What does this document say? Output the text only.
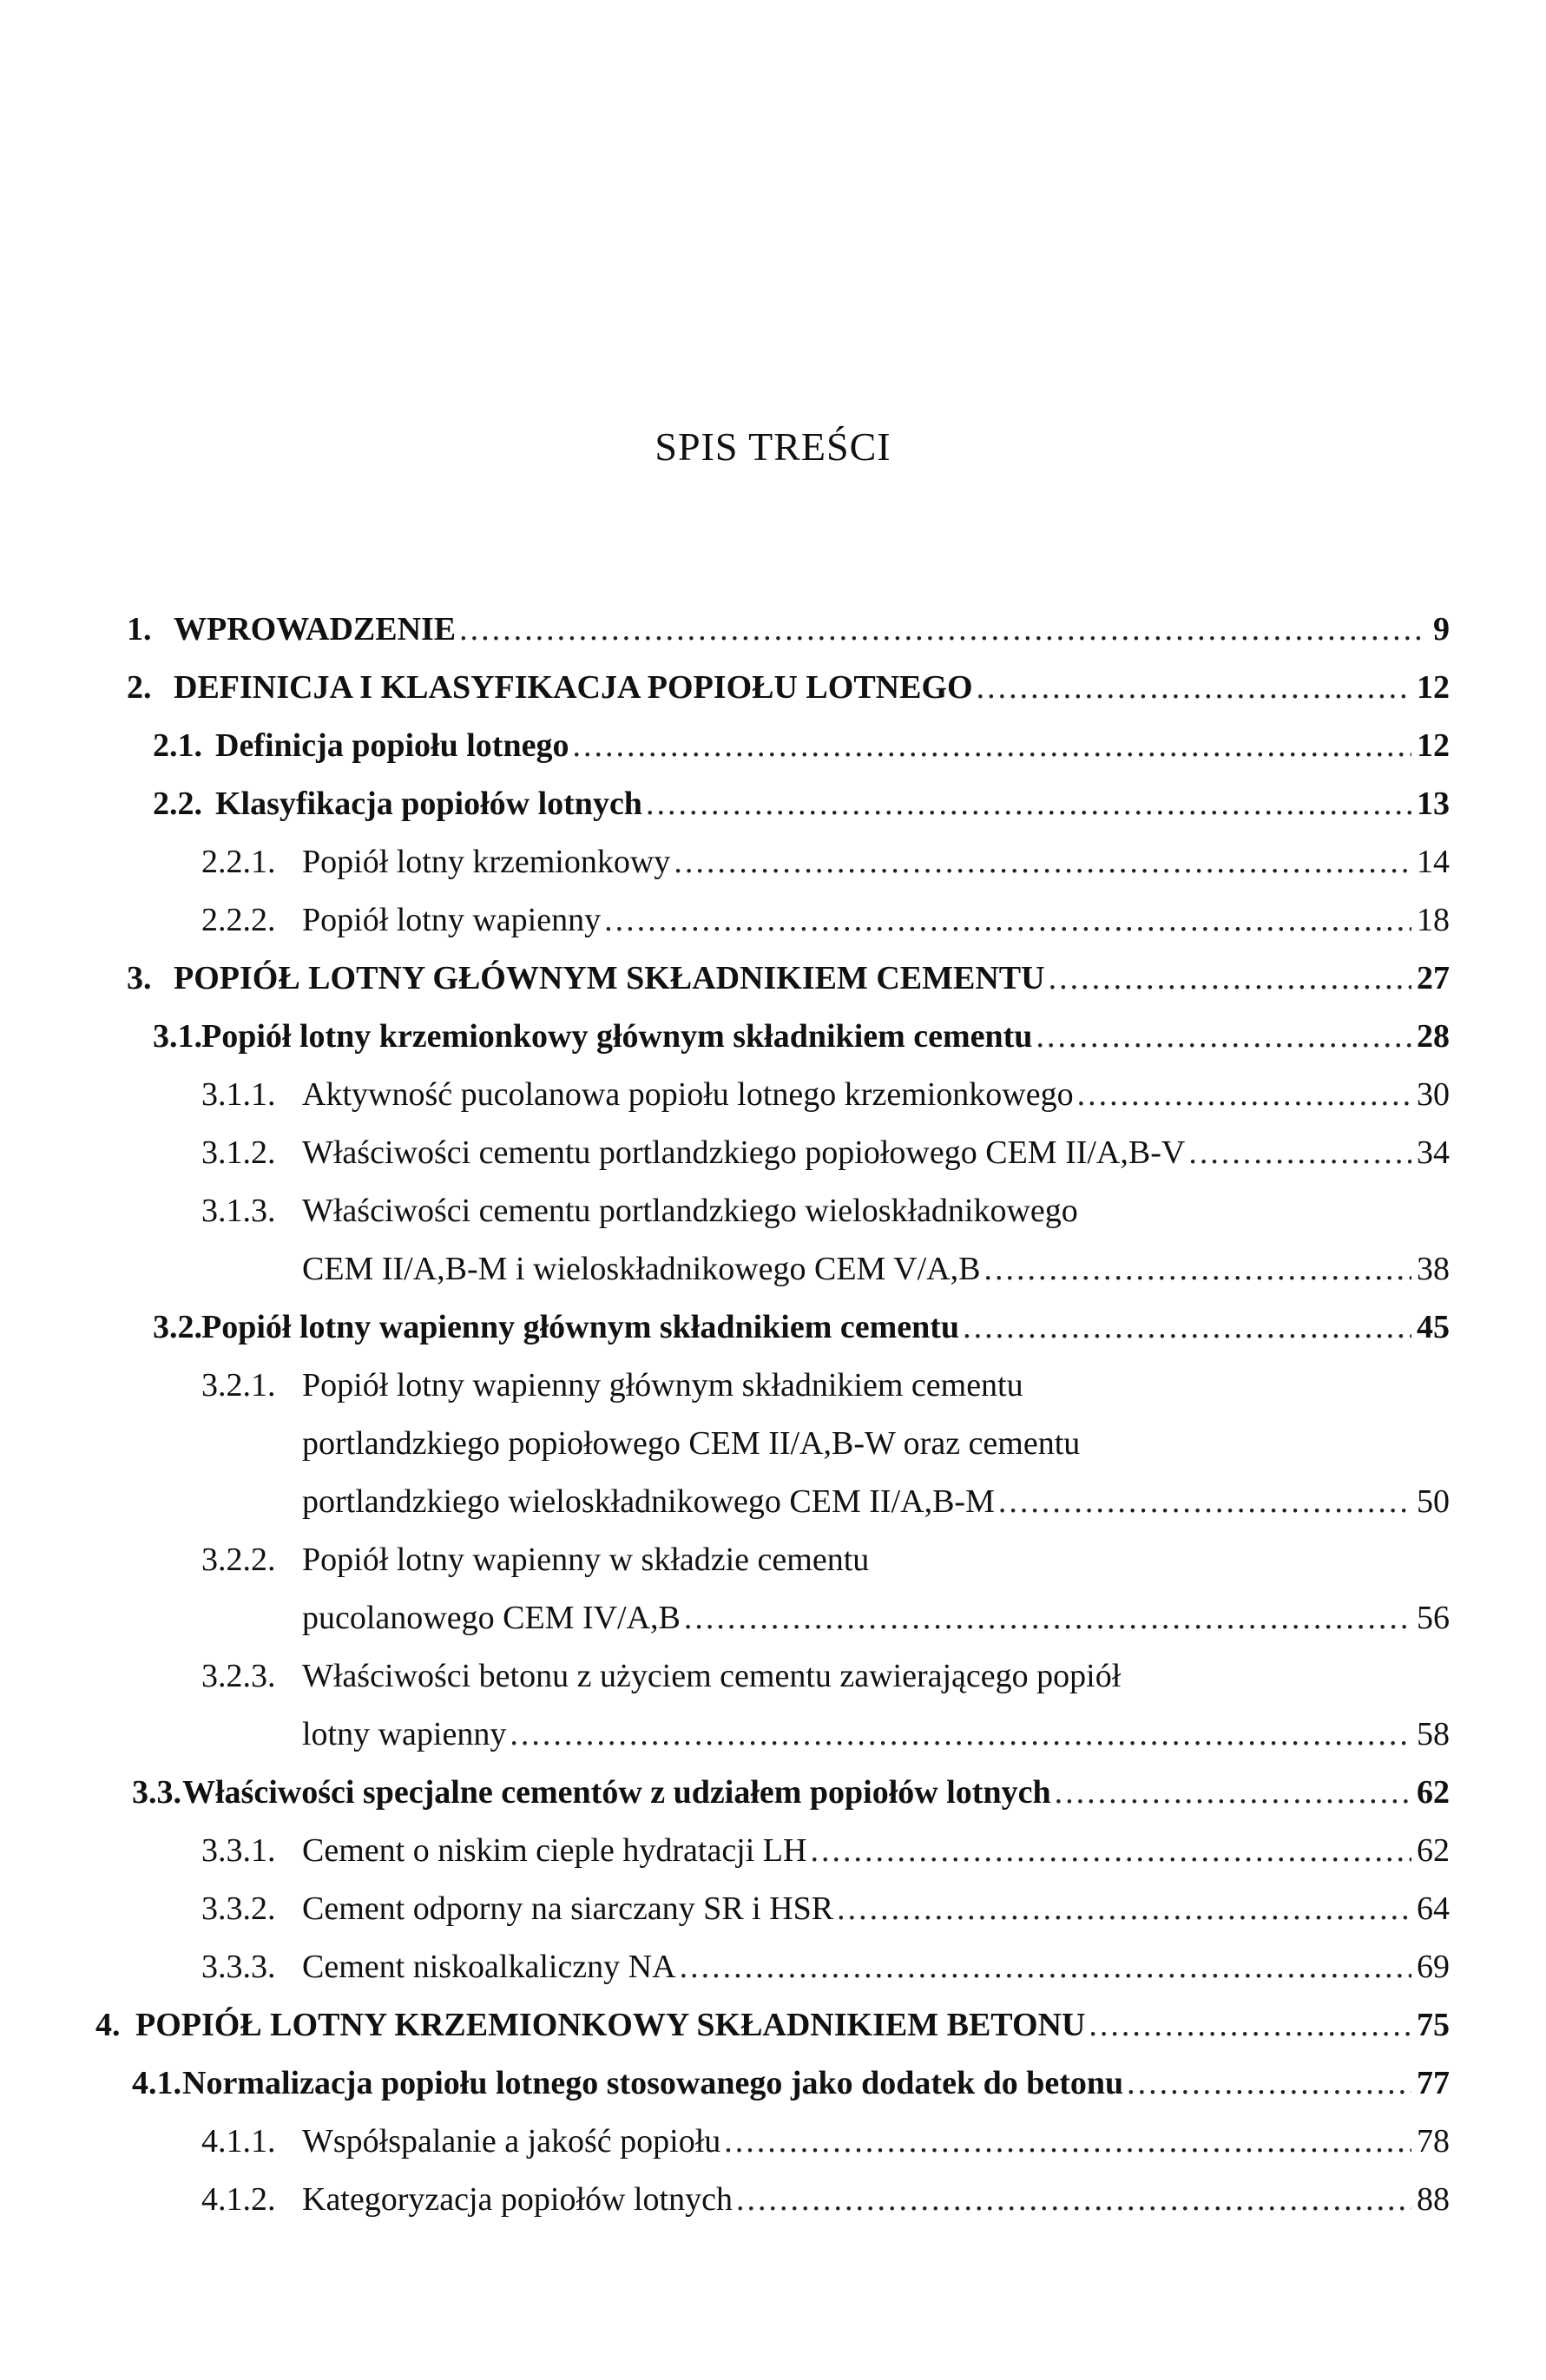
SPIS TREŚCI
1. WPROWADZENIE .....	9
2. DEFINICJA I KLASYFIKACJA POPIOŁU LOTNEGO .....	12
2.1. Definicja popiołu lotnego .....	12
2.2. Klasyfikacja popiołów lotnych .....	13
2.2.1. Popiół lotny krzemionkowy .....	14
2.2.2. Popiół lotny wapienny .....	18
3. POPIÓŁ LOTNY GŁÓWNYM SKŁADNIKIEM CEMENTU .....	27
3.1. Popiół lotny krzemionkowy głównym składnikiem cementu .....	28
3.1.1. Aktywność pucolanowa popiołu lotnego krzemionkowego .....	30
3.1.2. Właściwości cementu portlandzkiego popiołowego CEM II/A,B-V .....	34
3.1.3. Właściwości cementu portlandzkiego wieloskładnikowego
CEM II/A,B-M i wieloskładnikowego CEM V/A,B .....	38
3.2. Popiół lotny wapienny głównym składnikiem cementu .....	45
3.2.1. Popiół lotny wapienny głównym składnikiem cementu
portlandzkiego popiołowego CEM II/A,B-W oraz cementu
portlandzkiego wieloskładnikowego CEM II/A,B-M .....	50
3.2.2. Popiół lotny wapienny w składzie cementu
pucolanowego CEM IV/A,B .....	56
3.2.3. Właściwości betonu z użyciem cementu zawierającego popiół
lotny wapienny .....	58
3.3. Właściwości specjalne cementów z udziałem popiołów lotnych .....	62
3.3.1. Cement o niskim cieple hydratacji LH .....	62
3.3.2. Cement odporny na siarczany SR i HSR .....	64
3.3.3. Cement niskoalkaliczny NA .....	69
4. POPIÓŁ LOTNY KRZEMIONKOWY SKŁADNIKIEM BETONU .....	75
4.1. Normalizacja popiołu lotnego stosowanego jako dodatek do betonu .....	77
4.1.1. Współspalanie a jakość popiołu .....	78
4.1.2. Kategoryzacja popiołów lotnych .....	88
